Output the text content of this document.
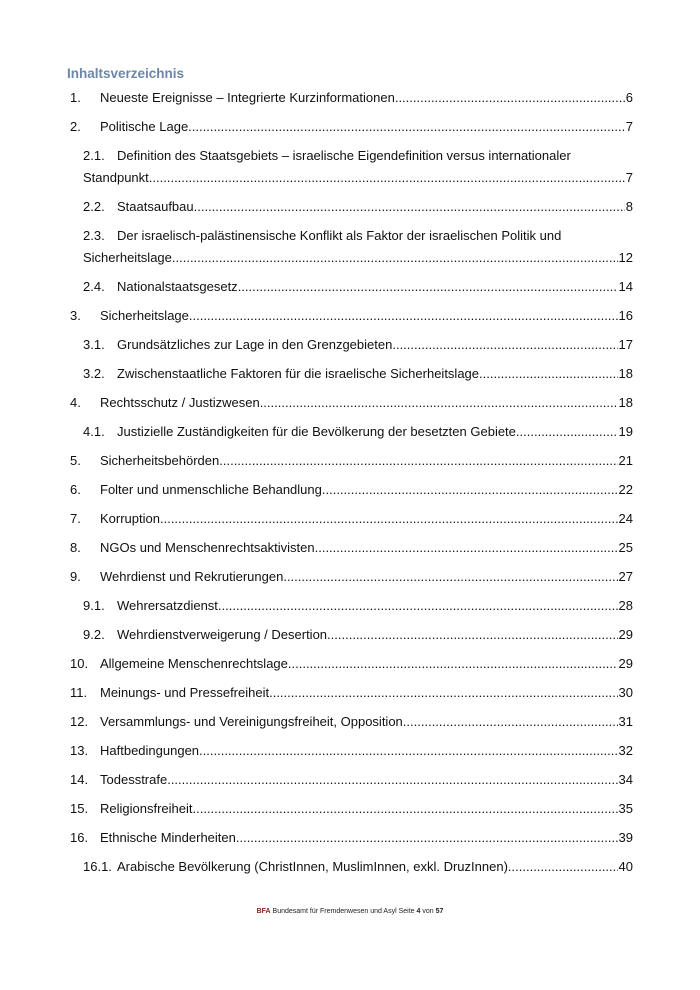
Inhaltsverzeichnis
1. Neueste Ereignisse – Integrierte Kurzinformationen .....	6
2. Politische Lage .....	7
2.1. Definition des Staatsgebiets – israelische Eigendefinition versus internationaler
Standpunkt .....	7
2.2. Staatsaufbau .....	8
2.3. Der israelisch-palästinensische Konflikt als Faktor der israelischen Politik und
Sicherheitslage .....	12
2.4. Nationalstaatsgesetz .....	14
3. Sicherheitslage .....	16
3.1. Grundsätzliches zur Lage in den Grenzgebieten .....	17
3.2. Zwischenstaatliche Faktoren für die israelische Sicherheitslage .....	18
4. Rechtsschutz / Justizwesen .....	18
4.1. Justizielle Zuständigkeiten für die Bevölkerung der besetzten Gebiete .....	19
5. Sicherheitsbehörden .....	21
6. Folter und unmenschliche Behandlung .....	22
7. Korruption .....	24
8. NGOs und Menschenrechtsaktivisten .....	25
9. Wehrdienst und Rekrutierungen .....	27
9.1. Wehrersatzdienst .....	28
9.2. Wehrdienstverweigerung / Desertion .....	29
10. Allgemeine Menschenrechtslage .....	29
11. Meinungs- und Pressefreiheit .....	30
12. Versammlungs- und Vereinigungsfreiheit, Opposition .....	31
13. Haftbedingungen .....	32
14. Todesstrafe .....	34
15. Religionsfreiheit .....	35
16. Ethnische Minderheiten .....	39
16.1. Arabische Bevölkerung (ChristInnen, MuslimInnen, exkl. DruzInnen) .....	40
BFA Bundesamt für Fremdenwesen und Asyl Seite 4 von 57
